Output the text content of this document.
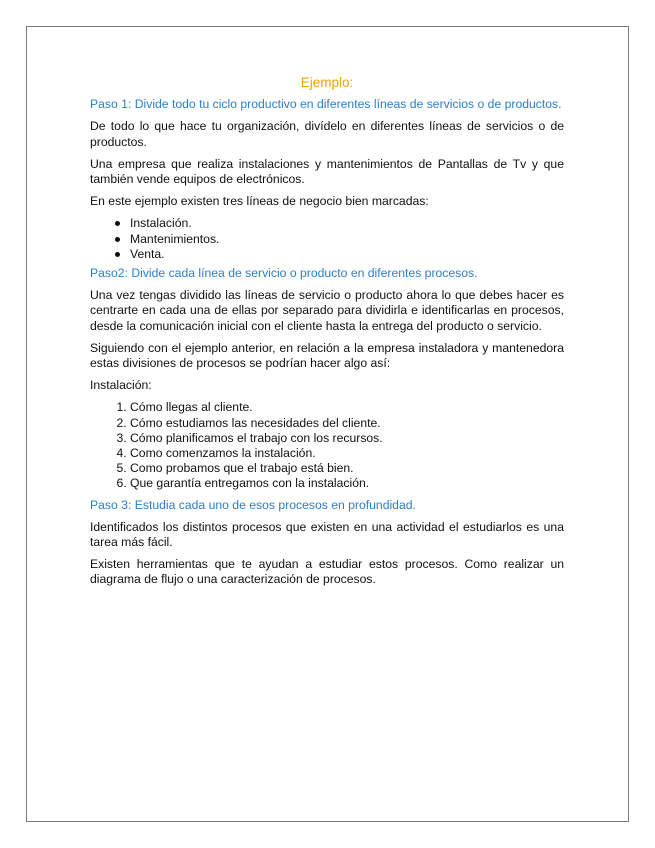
Ejemplo:
Paso 1: Divide todo tu ciclo productivo en diferentes líneas de servicios o de productos.

De todo lo que hace tu organización, divídelo en diferentes líneas de servicios o de productos.

Una empresa que realiza instalaciones y mantenimientos de Pantallas de Tv y que también vende equipos de electrónicos.

En este ejemplo existen tres líneas de negocio bien marcadas:

Instalación.
Mantenimientos.
Venta.
Paso2: Divide cada línea de servicio o producto en diferentes procesos.

Una vez tengas dividido las líneas de servicio o producto ahora lo que debes hacer es centrarte en cada una de ellas por separado para dividirla e identificarlas en procesos, desde la comunicación inicial con el cliente hasta la entrega del producto o servicio.

Siguiendo con el ejemplo anterior, en relación a la empresa instaladora y mantenedora estas divisiones de procesos se podrían hacer algo así:

Instalación:

1. Cómo llegas al cliente.
2. Cómo estudiamos las necesidades del cliente.
3. Cómo planificamos el trabajo con los recursos.
4. Como comenzamos la instalación.
5. Como probamos que el trabajo está bien.
6. Que garantía entregamos con la instalación.
Paso 3: Estudia cada uno de esos procesos en profundidad.

Identificados los distintos procesos que existen en una actividad el estudiarlos es una tarea más fácil.

Existen herramientas que te ayudan a estudiar estos procesos. Como realizar un diagrama de flujo o una caracterización de procesos.
